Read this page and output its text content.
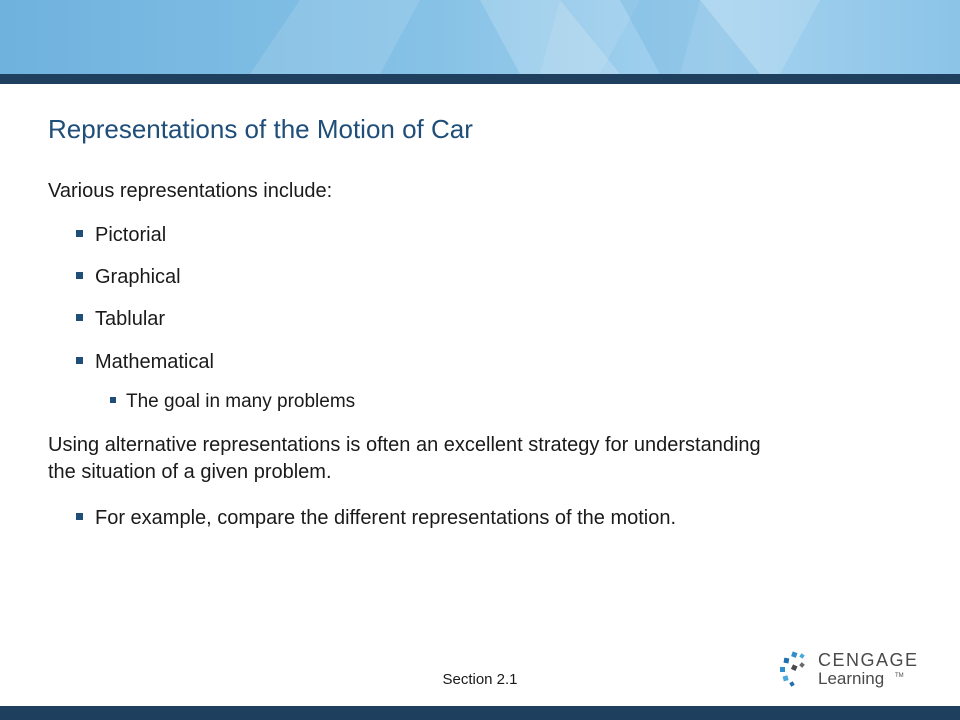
Representations of the Motion of Car
Various representations include:
Pictorial
Graphical
Tablular
Mathematical
The goal in many problems
Using alternative representations is often an excellent strategy for understanding
the situation of a given problem.
For example, compare the different representations of the motion.
Section 2.1
CENGAGE
Learning TM
